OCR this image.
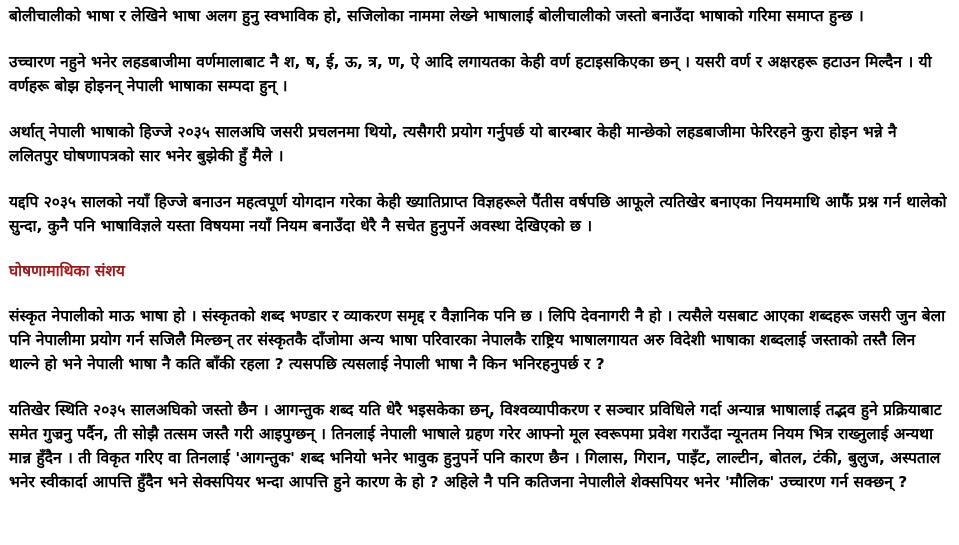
बोलीचालीको भाषा र लेखिने भाषा अलग हुनु स्वभाविक हो, सजिलोका नाममा लेख्ने भाषालाई बोलीचालीको जस्तो बनाउँदा भाषाको गरिमा समाप्त हुन्छ ।

उच्चारण नहुने भनेर लहडबाजीमा वर्णमालाबाट नै श, ष, ई, ऊ, त्र, ण, ऐ आदि लगायतका केही वर्ण हटाइसकिएका छन् । यसरी वर्ण र अक्षरहरू हटाउन मिल्दैन । यी वर्णहरू बोझ होइनन् नेपाली भाषाका सम्पदा हुन् ।

अर्थात् नेपाली भाषाको हिज्जे २०३५ सालअघि जसरी प्रचलनमा थियो, त्यसैगरी प्रयोग गर्नुपर्छ यो बारम्बार केही मान्छेको लहडबाजीमा फेरिरहने कुरा होइन भन्ने नै ललितपुर घोषणापत्रको सार भनेर बुझेकी हुँ मैले ।

यद्दपि २०३५ सालको नयाँ हिज्जे बनाउन महत्वपूर्ण योगदान गरेका केही ख्यातिप्राप्त विज्ञहरूले पैंतीस वर्षपछि आफूले त्यतिखेर बनाएका नियममाथि आफैं प्रश्न गर्न थालेको सुन्दा, कुनै पनि भाषाविज्ञले यस्ता विषयमा नयाँ नियम बनाउँदा धेरै नै सचेत हुनुपर्ने अवस्था देखिएको छ ।

घोषणामाथिका संशय

संस्कृत नेपालीको माऊ भाषा हो । संस्कृतको शब्द भण्डार र व्याकरण समृद्द र वैज्ञानिक पनि छ । लिपि देवनागरी नै हो । त्यसैले यसबाट आएका शब्दहरू जसरी जुन बेला पनि नेपालीमा प्रयोग गर्न सजिलै मिल्छन् तर संस्कृतकै दाँजोमा अन्य भाषा परिवारका नेपालकै राष्ट्रिय भाषालगायत अरु विदेशी भाषाका शब्दलाई जस्ताको तस्तै लिन थाल्ने हो भने नेपाली भाषा नै कति बाँकी रहला ? त्यसपछि त्यसलाई नेपाली भाषा नै किन भनिरहनुपर्छ र ?

यतिखेर स्थिति २०३५ सालअघिको जस्तो छैन । आगन्तुक शब्द यति धेरै भइसकेका छन्, विश्वव्यापीकरण र सञ्चार प्रविधिले गर्दा अन्यान्न भाषालाई तद्भव हुने प्रक्रियाबाट समेत गुज्रनु पर्दैन, ती सोझै तत्सम जस्तै गरी आइपुग्छन् । तिनलाई नेपाली भाषाले ग्रहण गरेर आफ्नो मूल स्वरूपमा प्रवेश गराउँदा न्यूनतम नियम भित्र राख्नुलाई अन्यथा मान्न हुँदैन । ती विकृत गरिए वा तिनलाई 'आगन्तुक' शब्द भनियो भनेर भावुक हुनुपर्ने पनि कारण छैन । गिलास, गिरान, पाइँट, लाल्टीन, बोतल, टंकी, बुलुज, अस्पताल भनेर स्वीकार्दा आपत्ति हुँदैन भने सेक्सपियर भन्दा आपत्ति हुने कारण के हो ? अहिले नै पनि कतिजना नेपालीले शेक्सपियर भनेर 'मौलिक' उच्चारण गर्न सक्छन् ?
